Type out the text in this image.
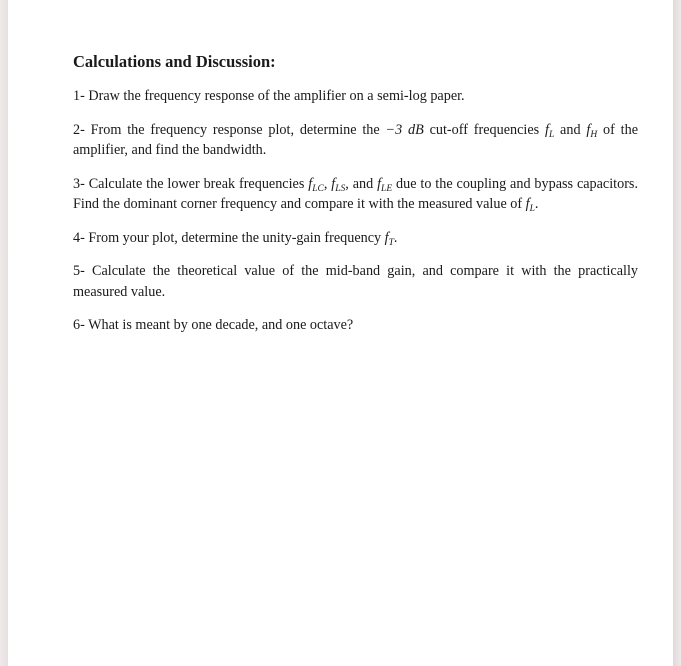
Calculations and Discussion:

1- Draw the frequency response of the amplifier on a semi-log paper.

2- From the frequency response plot, determine the −3 dB cut-off frequencies $f_L$ and $f_H$ of the amplifier, and find the bandwidth.

3- Calculate the lower break frequencies $f_{LC}$, $f_{LS}$, and $f_{LE}$ due to the coupling and bypass capacitors. Find the dominant corner frequency and compare it with the measured value of $f_L$.

4- From your plot, determine the unity-gain frequency $f_T$.

5- Calculate the theoretical value of the mid-band gain, and compare it with the practically measured value.

6- What is meant by one decade, and one octave?
